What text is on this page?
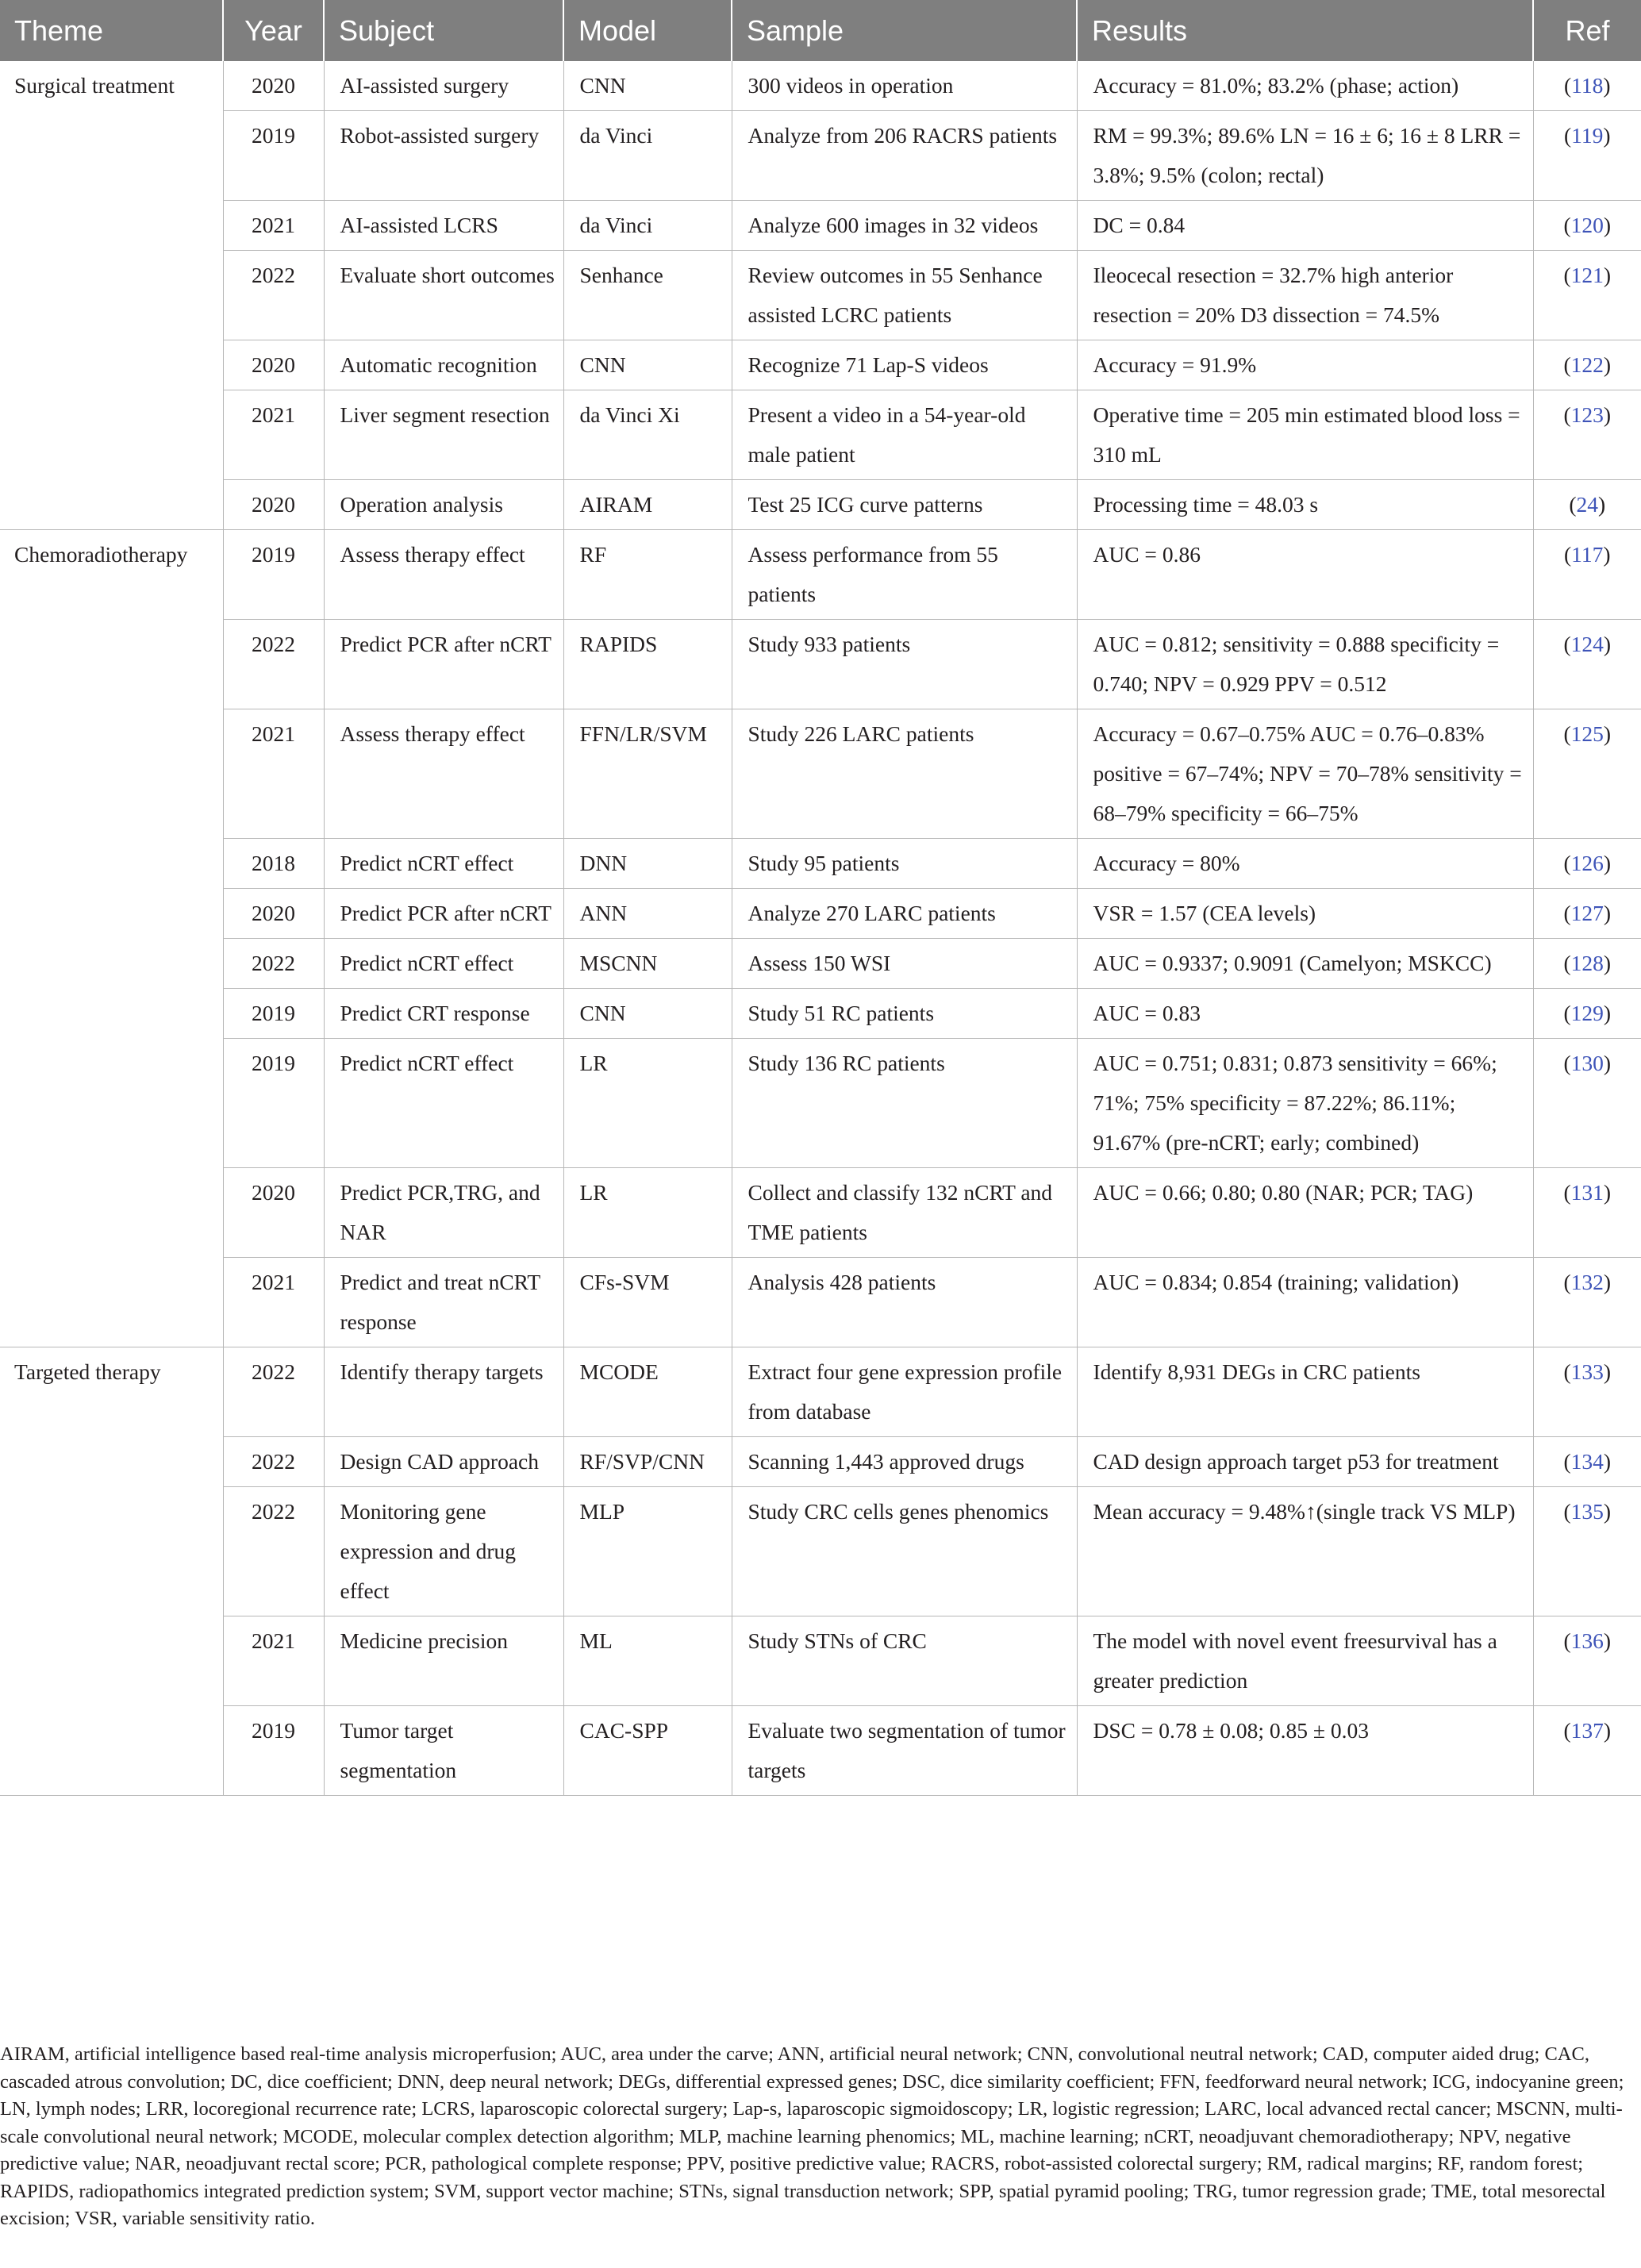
Theme	Year	Subject	Model	Sample	Results	Ref
Surgical treatment	2020	AI-assisted surgery	CNN	300 videos in operation	Accuracy = 81.0%; 83.2% (phase; action)	(118)
	2019	Robot-assisted surgery	da Vinci	Analyze from 206 RACRS patients	RM = 99.3%; 89.6% LN = 16 ± 6; 16 ± 8 LRR = 3.8%; 9.5% (colon; rectal)	(119)
	2021	AI-assisted LCRS	da Vinci	Analyze 600 images in 32 videos	DC = 0.84	(120)
	2022	Evaluate short outcomes	Senhance	Review outcomes in 55 Senhance assisted LCRC patients	Ileocecal resection = 32.7% high anterior resection = 20% D3 dissection = 74.5%	(121)
	2020	Automatic recognition	CNN	Recognize 71 Lap-S videos	Accuracy = 91.9%	(122)
	2021	Liver segment resection	da Vinci Xi	Present a video in a 54-year-old male patient	Operative time = 205 min estimated blood loss = 310 mL	(123)
	2020	Operation analysis	AIRAM	Test 25 ICG curve patterns	Processing time = 48.03 s	(24)
Chemoradiotherapy	2019	Assess therapy effect	RF	Assess performance from 55 patients	AUC = 0.86	(117)
	2022	Predict PCR after nCRT	RAPIDS	Study 933 patients	AUC = 0.812; sensitivity = 0.888 specificity = 0.740; NPV = 0.929 PPV = 0.512	(124)
	2021	Assess therapy effect	FFN/LR/SVM	Study 226 LARC patients	Accuracy = 0.67–0.75% AUC = 0.76–0.83% positive = 67–74%; NPV = 70–78% sensitivity = 68–79% specificity = 66–75%	(125)
	2018	Predict nCRT effect	DNN	Study 95 patients	Accuracy = 80%	(126)
	2020	Predict PCR after nCRT	ANN	Analyze 270 LARC patients	VSR = 1.57 (CEA levels)	(127)
	2022	Predict nCRT effect	MSCNN	Assess 150 WSI	AUC = 0.9337; 0.9091 (Camelyon; MSKCC)	(128)
	2019	Predict CRT response	CNN	Study 51 RC patients	AUC = 0.83	(129)
	2019	Predict nCRT effect	LR	Study 136 RC patients	AUC = 0.751; 0.831; 0.873 sensitivity = 66%; 71%; 75% specificity = 87.22%; 86.11%; 91.67% (pre-nCRT; early; combined)	(130)
	2020	Predict PCR,TRG, and NAR	LR	Collect and classify 132 nCRT and TME patients	AUC = 0.66; 0.80; 0.80 (NAR; PCR; TAG)	(131)
	2021	Predict and treat nCRT response	CFs-SVM	Analysis 428 patients	AUC = 0.834; 0.854 (training; validation)	(132)
Targeted therapy	2022	Identify therapy targets	MCODE	Extract four gene expression profile from database	Identify 8,931 DEGs in CRC patients	(133)
	2022	Design CAD approach	RF/SVP/CNN	Scanning 1,443 approved drugs	CAD design approach target p53 for treatment	(134)
	2022	Monitoring gene expression and drug effect	MLP	Study CRC cells genes phenomics	Mean accuracy = 9.48%↑(single track VS MLP)	(135)
	2021	Medicine precision	ML	Study STNs of CRC	The model with novel event freesurvival has a greater prediction	(136)
	2019	Tumor target segmentation	CAC-SPP	Evaluate two segmentation of tumor targets	DSC = 0.78 ± 0.08; 0.85 ± 0.03	(137)
AIRAM, artificial intelligence based real-time analysis microperfusion; AUC, area under the carve; ANN, artificial neural network; CNN, convolutional neutral network; CAD, computer aided drug; CAC, cascaded atrous convolution; DC, dice coefficient; DNN, deep neural network; DEGs, differential expressed genes; DSC, dice similarity coefficient; FFN, feedforward neural network; ICG, indocyanine green; LN, lymph nodes; LRR, locoregional recurrence rate; LCRS, laparoscopic colorectal surgery; Lap-s, laparoscopic sigmoidoscopy; LR, logistic regression; LARC, local advanced rectal cancer; MSCNN, multi-scale convolutional neural network; MCODE, molecular complex detection algorithm; MLP, machine learning phenomics; ML, machine learning; nCRT, neoadjuvant chemoradiotherapy; NPV, negative predictive value; NAR, neoadjuvant rectal score; PCR, pathological complete response; PPV, positive predictive value; RACRS, robot-assisted colorectal surgery; RM, radical margins; RF, random forest; RAPIDS, radiopathomics integrated prediction system; SVM, support vector machine; STNs, signal transduction network; SPP, spatial pyramid pooling; TRG, tumor regression grade; TME, total mesorectal excision; VSR, variable sensitivity ratio.
